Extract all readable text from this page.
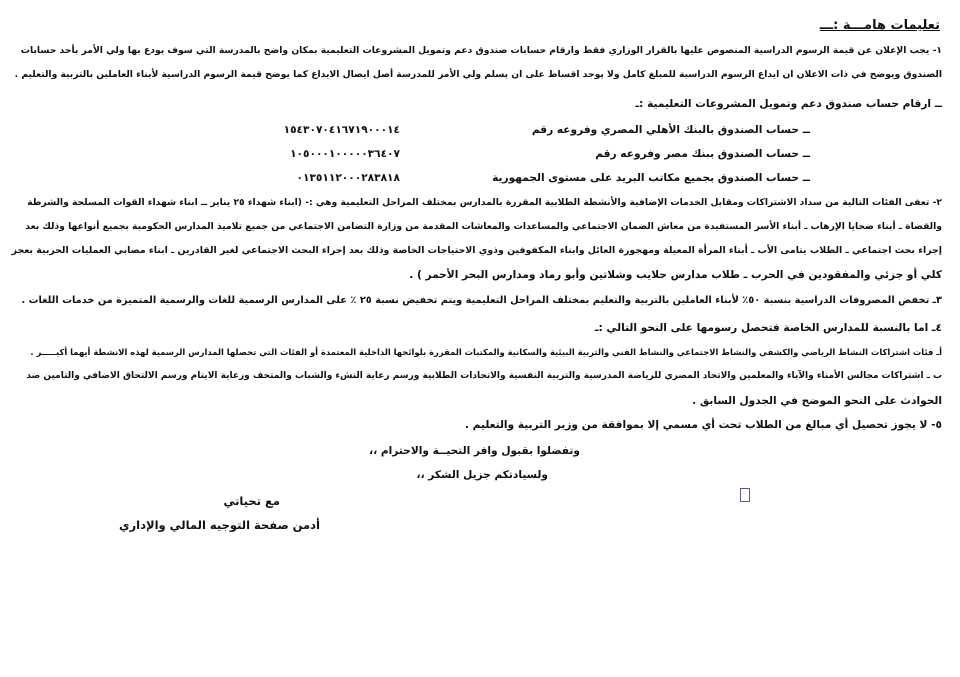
تعليمات هامـــة :ـــ

١- يجب الإعلان عن قيمة الرسوم الدراسية المنصوص عليها بالقرار الوزاري فقط وارقام حسابات صندوق دعم وتمويل المشروعات التعليمية بمكان واضح بالمدرسة التي سوف يودع بها ولي الأمر بأحد حسابات

الصندوق ويوضح في ذات الاعلان ان ايداع الرسوم الدراسية للمبلغ كامل ولا يوجد اقساط على ان يسلم ولي الأمر للمدرسة أصل ايصال الايداع كما يوضح قيمة الرسوم الدراسية لأبناء العاملين بالتربية والتعليم .

ــ ارقام حساب صندوق دعم وتمويل المشروعات التعليمية :ـ

ــ حساب الصندوق بالبنك الأهلي المصري وفروعه رقم

١٥٤٣٠٧٠٤١٦٧١٩٠٠٠١٤

ــ حساب الصندوق ببنك مصر وفروعه رقم

١٠٥٠٠٠١٠٠٠٠٠٣٦٤٠٧

ــ حساب الصندوق بجميع مكاتب البريد على مستوى الجمهورية

٠١٣٥١١٢٠٠٠٢٨٣٨١٨

٢- تعفى الفئات التالية من سداد الاشتراكات ومقابل الخدمات الإضافية والأنشطة الطلابية المقررة بالمدارس بمختلف المراحل التعليمية وهي :- (ابناء شهداء ٢٥ يناير ــ ابناء شهداء القوات المسلحة والشرطة

والقضاة ـ أبناء ضحايا الإرهاب ـ أبناء الأسر المستفيدة من معاش الضمان الاجتماعي والمساعدات والمعاشات المقدمة من وزارة التضامن الاجتماعي من جميع تلاميذ المدارس الحكومية بجميع أنواعها وذلك بعد

إجراء بحث اجتماعي ـ الطلاب يتامى الأب ـ أبناء المرأة المعيلة ومهجورة العائل وابناء المكفوفين وذوي الاحتياجات الخاصة وذلك بعد إجراء البحث الاجتماعي لغير القادرين ـ ابناء مصابي العمليات الحربية بعجز

كلي أو جزئي والمفقودين في الحرب ـ طلاب مدارس حلايب وشلاتين وأبو رماد ومدارس البحر الأحمر ) .

٣ـ تخفض المصروفات الدراسية بنسبة ٥٠٪ لأبناء العاملين بالتربية والتعليم بمختلف المراحل التعليمية ويتم تخفيض نسبة ٢٥ ٪ على المدارس الرسمية للغات والرسمية المتميزة من خدمات اللغات .

٤ـ اما بالنسبة للمدارس الخاصة فتحصل رسومها على النحو التالي :ـ

أـ فئات اشتراكات النشاط الرياضي والكشفي والنشاط الاجتماعي والنشاط الفني والتربية البيئية والسكانية والمكتبات المقررة بلوائحها الداخلية المعتمدة أو الفئات التي تحصلها المدارس الرسمية لهذه الانشطة أيهما أكبـــــر .

ب ـ اشتراكات مجالس الأمناء والآباء والمعلمين والاتحاد المصري للرياضة المدرسية والتربية النفسية والاتحادات الطلابية ورسم رعاية النشء والشباب والمتحف ورعاية الايتام ورسم الالتحاق الاضافي والتامين ضد

الحوادث على النحو الموضح في الجدول السابق .

٥- لا يجوز تحصيل أي مبالغ من الطلاب تحت أي مسمي إلا بموافقة من وزير التربية والتعليم .

وتفضلوا بقبول وافر التحيــة والاحترام ،،

ولسيادتكم جزيل الشكر ،،

مع تحياتي

أدمن صفحة التوجيه المالي والإداري
